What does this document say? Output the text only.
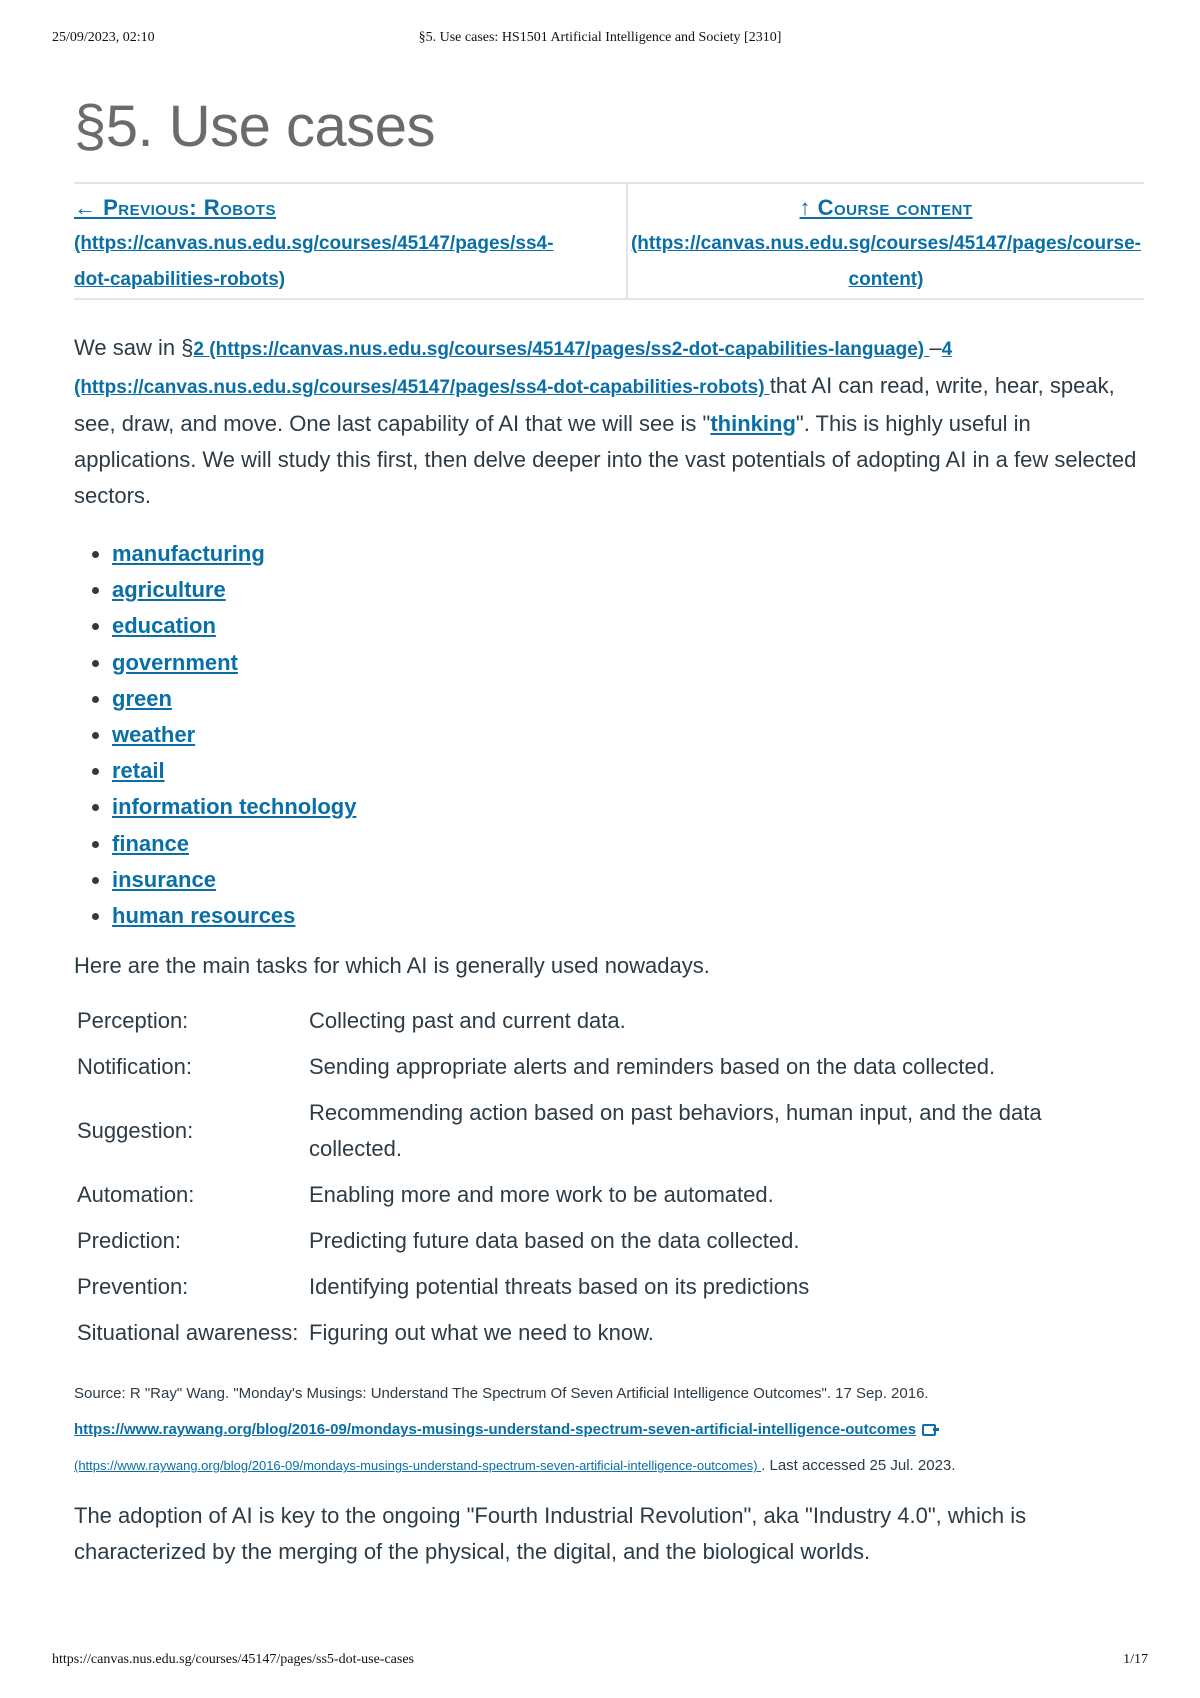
25/09/2023, 02:10	§5. Use cases: HS1501 Artificial Intelligence and Society [2310]
§5. Use cases
← Previous: Robots
(https://canvas.nus.edu.sg/courses/45147/pages/ss4-
dot-capabilities-robots)
↑ Course content
(https://canvas.nus.edu.sg/courses/45147/pages/course-
content)

We saw in §2 (https://canvas.nus.edu.sg/courses/45147/pages/ss2-dot-capabilities-language) –4 (https://canvas.nus.edu.sg/courses/45147/pages/ss4-dot-capabilities-robots) that AI can read, write, hear, speak, see, draw, and move. One last capability of AI that we will see is "thinking". This is highly useful in applications. We will study this first, then delve deeper into the vast potentials of adopting AI in a few selected sectors.

• manufacturing
• agriculture
• education
• government
• green
• weather
• retail
• information technology
• finance
• insurance
• human resources
Here are the main tasks for which AI is generally used nowadays.
Perception:	Collecting past and current data.
Notification:	Sending appropriate alerts and reminders based on the data collected.
Suggestion:	Recommending action based on past behaviors, human input, and the data collected.
Automation:	Enabling more and more work to be automated.
Prediction:	Predicting future data based on the data collected.
Prevention:	Identifying potential threats based on its predictions
Situational awareness:	Figuring out what we need to know.
Source: R "Ray" Wang. "Monday's Musings: Understand The Spectrum Of Seven Artificial Intelligence Outcomes". 17 Sep. 2016.
https://www.raywang.org/blog/2016-09/mondays-musings-understand-spectrum-seven-artificial-intelligence-outcomes
(https://www.raywang.org/blog/2016-09/mondays-musings-understand-spectrum-seven-artificial-intelligence-outcomes) . Last accessed 25 Jul. 2023.

The adoption of AI is key to the ongoing "Fourth Industrial Revolution", aka "Industry 4.0", which is characterized by the merging of the physical, the digital, and the biological worlds.

https://canvas.nus.edu.sg/courses/45147/pages/ss5-dot-use-cases	1/17
